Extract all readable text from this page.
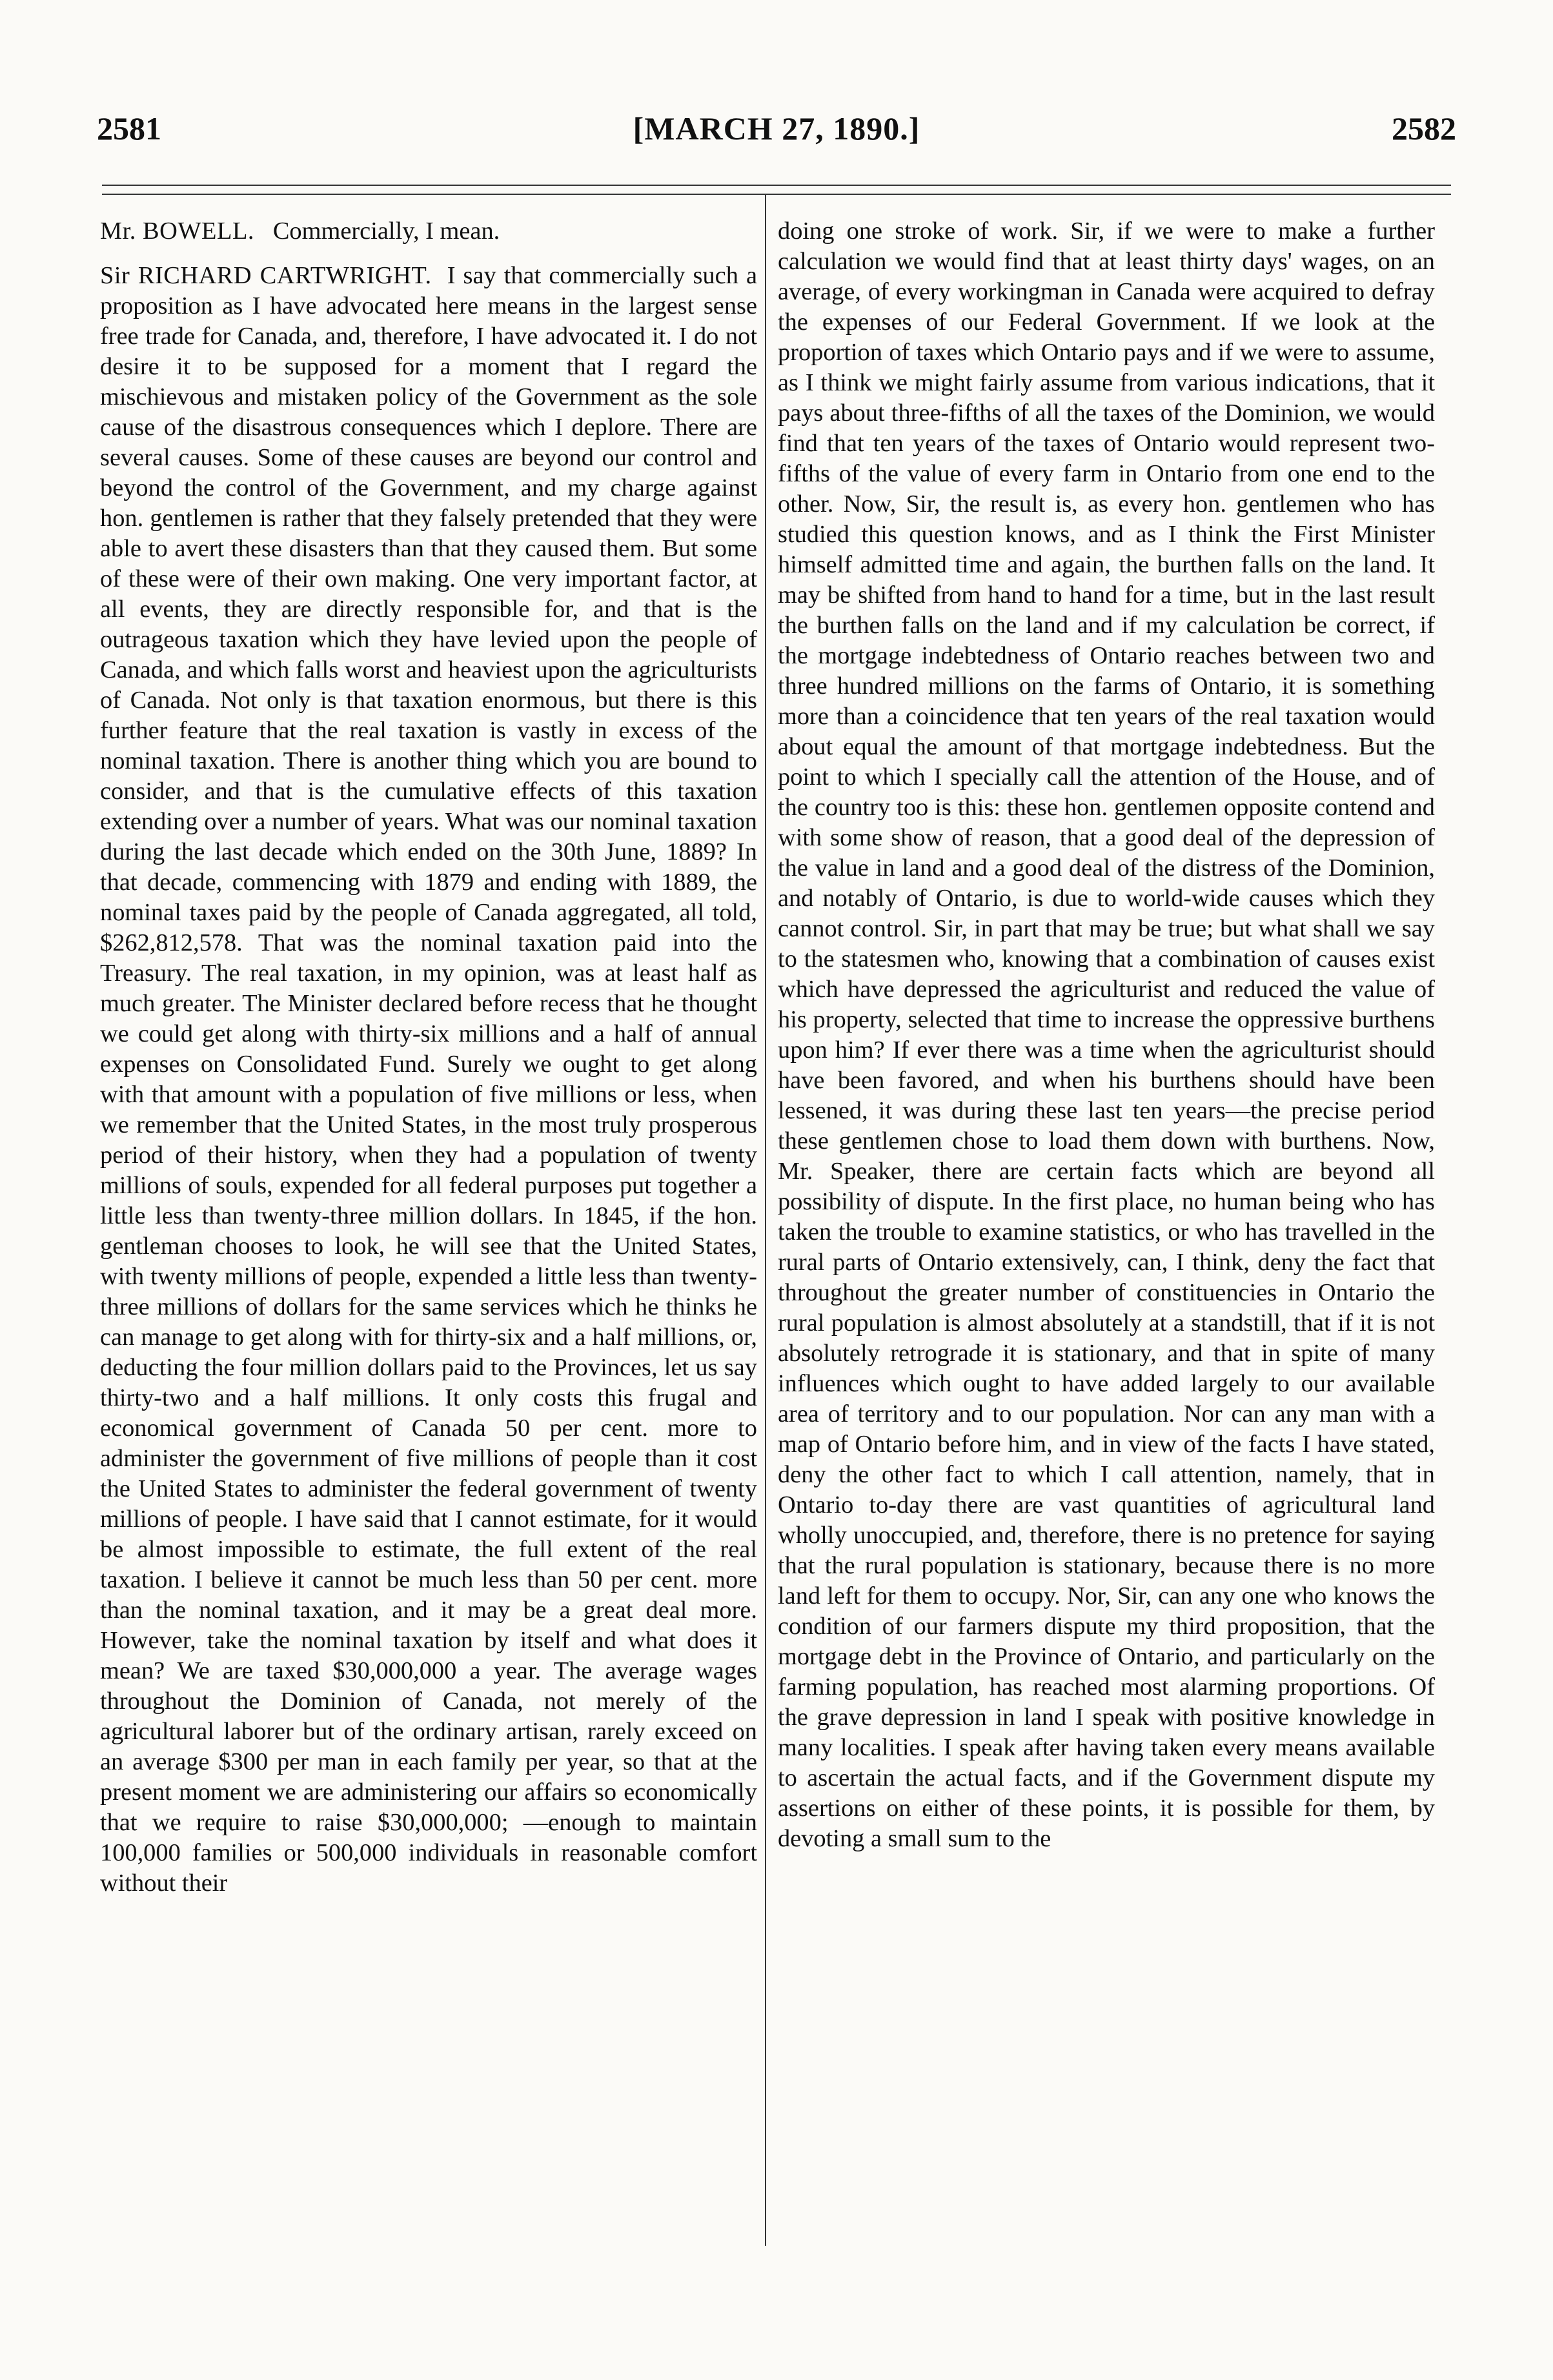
2581	[MARCH 27, 1890.]	2582

Mr. BOWELL. Commercially, I mean.

Sir RICHARD CARTWRIGHT. I say that commercially such a proposition as I have advocated here means in the largest sense free trade for Canada, and, therefore, I have advocated it. I do not desire it to be supposed for a moment that I regard the mischievous and mistaken policy of the Government as the sole cause of the disastrous consequences which I deplore. There are several causes. Some of these causes are beyond our control and beyond the control of the Government, and my charge against hon. gentlemen is rather that they falsely pretended that they were able to avert these disasters than that they caused them. But some of these were of their own making. One very important factor, at all events, they are directly responsible for, and that is the outrageous taxation which they have levied upon the people of Canada, and which falls worst and heaviest upon the agriculturists of Canada. Not only is that taxation enormous, but there is this further feature that the real taxation is vastly in excess of the nominal taxation. There is another thing which you are bound to consider, and that is the cumulative effects of this taxation extending over a number of years. What was our nominal taxation during the last decade which ended on the 30th June, 1889? In that decade, commencing with 1879 and ending with 1889, the nominal taxes paid by the people of Canada aggregated, all told, $262,812,578. That was the nominal taxation paid into the Treasury. The real taxation, in my opinion, was at least half as much greater. The Minister declared before recess that he thought we could get along with thirty-six millions and a half of annual expenses on Consolidated Fund. Surely we ought to get along with that amount with a population of five millions or less, when we remember that the United States, in the most truly prosperous period of their history, when they had a population of twenty millions of souls, expended for all federal purposes put together a little less than twenty-three million dollars. In 1845, if the hon. gentleman chooses to look, he will see that the United States, with twenty millions of people, expended a little less than twenty-three millions of dollars for the same services which he thinks he can manage to get along with for thirty-six and a half millions, or, deducting the four million dollars paid to the Provinces, let us say thirty-two and a half millions. It only costs this frugal and economical government of Canada 50 per cent. more to administer the government of five millions of people than it cost the United States to administer the federal government of twenty millions of people. I have said that I cannot estimate, for it would be almost impossible to estimate, the full extent of the real taxation. I believe it cannot be much less than 50 per cent. more than the nominal taxation, and it may be a great deal more. However, take the nominal taxation by itself and what does it mean? We are taxed $30,000,000 a year. The average wages throughout the Dominion of Canada, not merely of the agricultural laborer but of the ordinary artisan, rarely exceed on an average $300 per man in each family per year, so that at the present moment we are administering our affairs so economically that we require to raise $30,000,000; —enough to maintain 100,000 families or 500,000 individuals in reasonable comfort without their

doing one stroke of work. Sir, if we were to make a further calculation we would find that at least thirty days' wages, on an average, of every workingman in Canada were acquired to defray the expenses of our Federal Government. If we look at the proportion of taxes which Ontario pays and if we were to assume, as I think we might fairly assume from various indications, that it pays about three-fifths of all the taxes of the Dominion, we would find that ten years of the taxes of Ontario would represent two-fifths of the value of every farm in Ontario from one end to the other. Now, Sir, the result is, as every hon. gentlemen who has studied this question knows, and as I think the First Minister himself admitted time and again, the burthen falls on the land. It may be shifted from hand to hand for a time, but in the last result the burthen falls on the land and if my calculation be correct, if the mortgage indebtedness of Ontario reaches between two and three hundred millions on the farms of Ontario, it is something more than a coincidence that ten years of the real taxation would about equal the amount of that mortgage indebtedness. But the point to which I specially call the attention of the House, and of the country too is this: these hon. gentlemen opposite contend and with some show of reason, that a good deal of the depression of the value in land and a good deal of the distress of the Dominion, and notably of Ontario, is due to world-wide causes which they cannot control. Sir, in part that may be true; but what shall we say to the statesmen who, knowing that a combination of causes exist which have depressed the agriculturist and reduced the value of his property, selected that time to increase the oppressive burthens upon him? If ever there was a time when the agriculturist should have been favored, and when his burthens should have been lessened, it was during these last ten years—the precise period these gentlemen chose to load them down with burthens. Now, Mr. Speaker, there are certain facts which are beyond all possibility of dispute. In the first place, no human being who has taken the trouble to examine statistics, or who has travelled in the rural parts of Ontario extensively, can, I think, deny the fact that throughout the greater number of constituencies in Ontario the rural population is almost absolutely at a standstill, that if it is not absolutely retrograde it is stationary, and that in spite of many influences which ought to have added largely to our available area of territory and to our population. Nor can any man with a map of Ontario before him, and in view of the facts I have stated, deny the other fact to which I call attention, namely, that in Ontario to-day there are vast quantities of agricultural land wholly unoccupied, and, therefore, there is no pretence for saying that the rural population is stationary, because there is no more land left for them to occupy. Nor, Sir, can any one who knows the condition of our farmers dispute my third proposition, that the mortgage debt in the Province of Ontario, and particularly on the farming population, has reached most alarming proportions. Of the grave depression in land I speak with positive knowledge in many localities. I speak after having taken every means available to ascertain the actual facts, and if the Government dispute my assertions on either of these points, it is possible for them, by devoting a small sum to the
